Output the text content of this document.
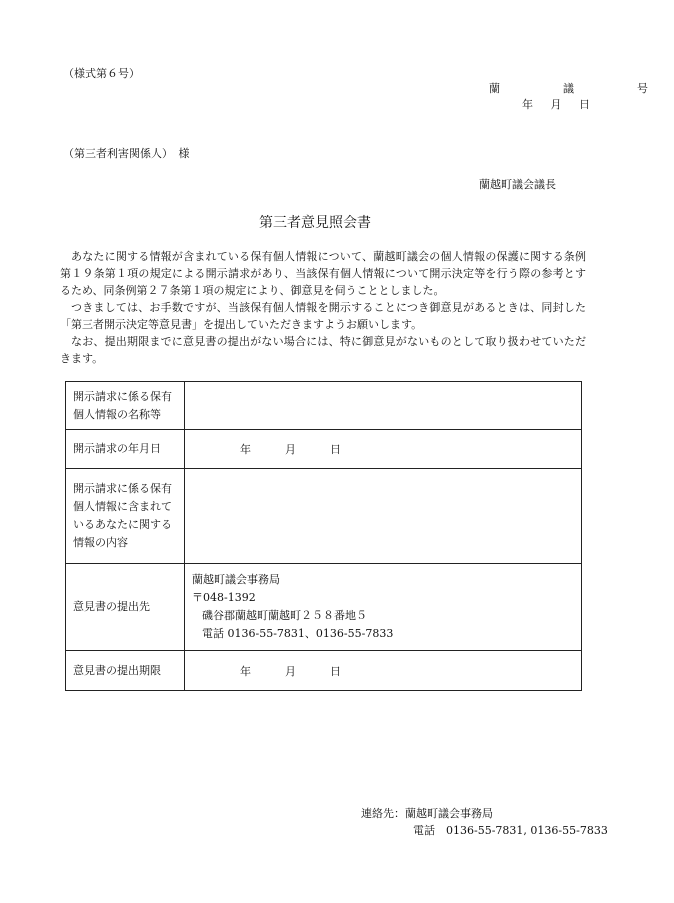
（様式第６号）
蘭　議　号
年 月 日
（第三者利害関係人）　様
蘭越町議会議長
第三者意見照会書

あなたに関する情報が含まれている保有個人情報について、蘭越町議会の個人情報の保護に関する条例第１９条第１項の規定による開示請求があり、当該保有個人情報について開示決定等を行う際の参考とするため、同条例第２７条第１項の規定により、御意見を伺うこととしました。

つきましては、お手数ですが、当該保有個人情報を開示することにつき御意見があるときは、同封した「第三者開示決定等意見書」を提出していただきますようお願いします。

なお、提出期限までに意見書の提出がない場合には、特に御意見がないものとして取り扱わせていただきます。

開示請求に係る保有個人情報の名称等	
開示請求の年月日	年 月 日
開示請求に係る保有個人情報に含まれているあなたに関する情報の内容	
意見書の提出先	蘭越町議会事務局
〒048-1392
磯谷郡蘭越町蘭越町２５８番地５
電話 0136-55-7831、0136-55-7833

意見書の提出期限	年 月 日
連絡先：蘭越町議会事務局
電話　0136-55-7831, 0136-55-7833
